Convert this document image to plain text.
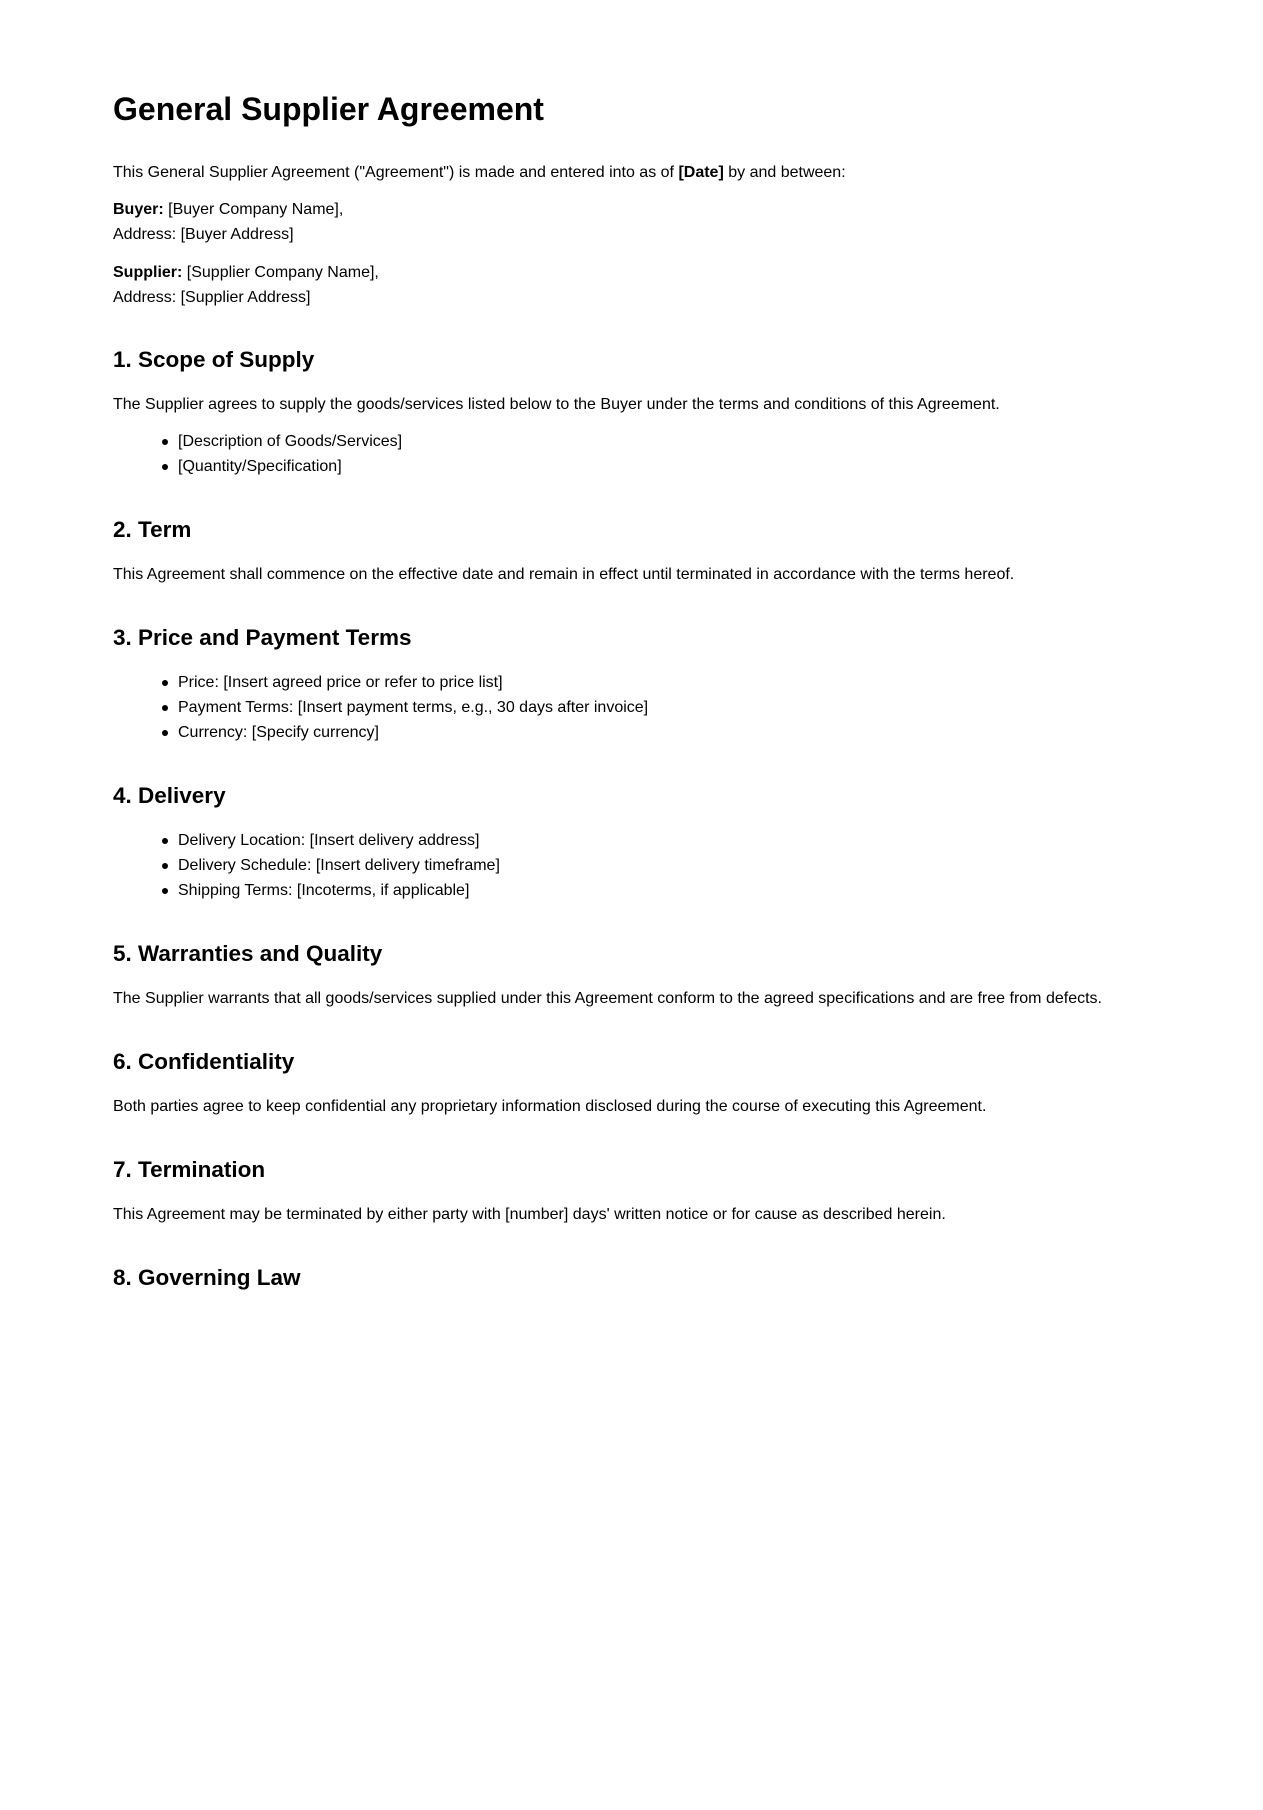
General Supplier Agreement

This General Supplier Agreement ("Agreement") is made and entered into as of [Date] by and between:

Buyer: [Buyer Company Name],
Address: [Buyer Address]

Supplier: [Supplier Company Name],
Address: [Supplier Address]

1. Scope of Supply

The Supplier agrees to supply the goods/services listed below to the Buyer under the terms and conditions of this Agreement.

[Description of Goods/Services]
[Quantity/Specification]
2. Term

This Agreement shall commence on the effective date and remain in effect until terminated in accordance with the terms hereof.

3. Price and Payment Terms
Price: [Insert agreed price or refer to price list]
Payment Terms: [Insert payment terms, e.g., 30 days after invoice]
Currency: [Specify currency]
4. Delivery
Delivery Location: [Insert delivery address]
Delivery Schedule: [Insert delivery timeframe]
Shipping Terms: [Incoterms, if applicable]
5. Warranties and Quality

The Supplier warrants that all goods/services supplied under this Agreement conform to the agreed specifications and are free from defects.

6. Confidentiality

Both parties agree to keep confidential any proprietary information disclosed during the course of executing this Agreement.

7. Termination

This Agreement may be terminated by either party with [number] days' written notice or for cause as described herein.

8. Governing Law
